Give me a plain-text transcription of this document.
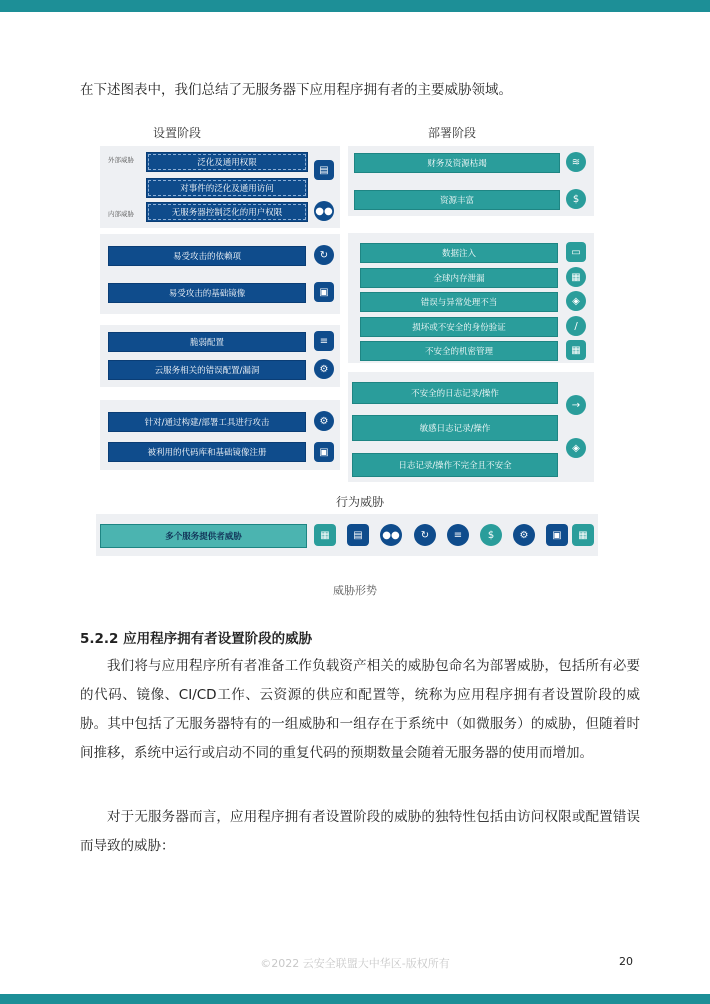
在下述图表中，我们总结了无服务器下应用程序拥有者的主要威胁领域。
设置阶段	部署阶段
外部威胁
内部威胁
泛化及通用权限
对事件的泛化及通用访问
无服务器控制泛化的用户权限
▤
●●
易受攻击的依赖项
易受攻击的基础镜像
↻
▣
脆弱配置
云服务相关的错误配置/漏洞
≡
⚙
针对/通过构建/部署工具进行攻击
被利用的代码库和基础镜像注册
⚙
▣
财务及资源枯竭
资源丰富
≋
$
数据注入
全球内存泄漏
错误与异常处理不当
损坏或不安全的身份验证
不安全的机密管理
▭
▦
◈
/
▦
不安全的日志记录/操作
敏感日志记录/操作
日志记录/操作不完全且不安全
→
◈
行为威胁
多个服务提供者威胁	▦	▤	●●	↻	≡	$	⚙	▣	▦
威胁形势
5.2.2 应用程序拥有者设置阶段的威胁
我们将与应用程序所有者准备工作负载资产相关的威胁包命名为部署威胁，包括所有必要的代码、镜像、CI/CD工作、云资源的供应和配置等，统称为应用程序拥有者设置阶段的威胁。其中包括了无服务器特有的一组威胁和一组存在于系统中（如微服务）的威胁，但随着时间推移，系统中运行或启动不同的重复代码的预期数量会随着无服务器的使用而增加。
对于无服务器而言，应用程序拥有者设置阶段的威胁的独特性包括由访问权限或配置错误而导致的威胁：
©2022 云安全联盟大中华区-版权所有	20
